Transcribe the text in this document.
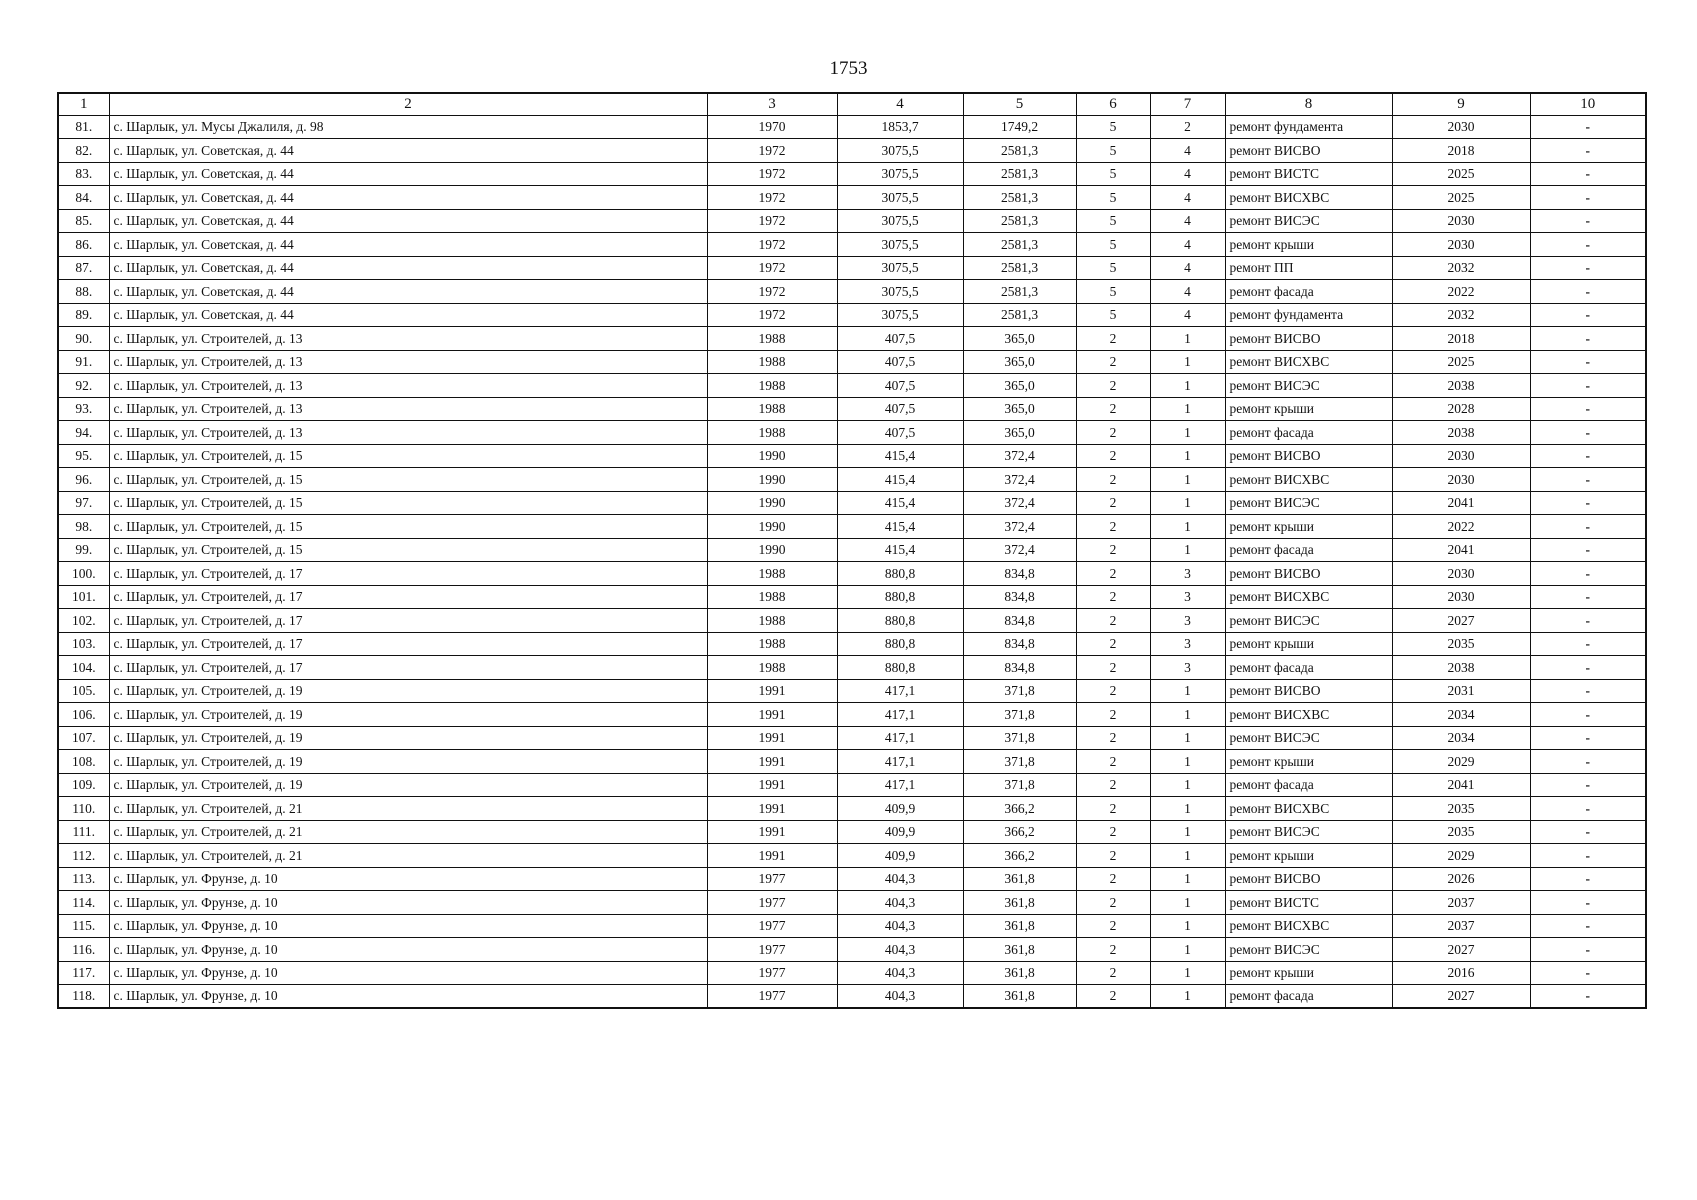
1753
1	2	3	4	5	6	7	8	9	10
81.	с. Шарлык, ул. Мусы Джалиля, д. 98	1970	1853,7	1749,2	5	2	ремонт фундамента	2030	-
82.	с. Шарлык, ул. Советская, д. 44	1972	3075,5	2581,3	5	4	ремонт ВИСВО	2018	-
83.	с. Шарлык, ул. Советская, д. 44	1972	3075,5	2581,3	5	4	ремонт ВИСТС	2025	-
84.	с. Шарлык, ул. Советская, д. 44	1972	3075,5	2581,3	5	4	ремонт ВИСХВС	2025	-
85.	с. Шарлык, ул. Советская, д. 44	1972	3075,5	2581,3	5	4	ремонт ВИСЭС	2030	-
86.	с. Шарлык, ул. Советская, д. 44	1972	3075,5	2581,3	5	4	ремонт крыши	2030	-
87.	с. Шарлык, ул. Советская, д. 44	1972	3075,5	2581,3	5	4	ремонт ПП	2032	-
88.	с. Шарлык, ул. Советская, д. 44	1972	3075,5	2581,3	5	4	ремонт фасада	2022	-
89.	с. Шарлык, ул. Советская, д. 44	1972	3075,5	2581,3	5	4	ремонт фундамента	2032	-
90.	с. Шарлык, ул. Строителей, д. 13	1988	407,5	365,0	2	1	ремонт ВИСВО	2018	-
91.	с. Шарлык, ул. Строителей, д. 13	1988	407,5	365,0	2	1	ремонт ВИСХВС	2025	-
92.	с. Шарлык, ул. Строителей, д. 13	1988	407,5	365,0	2	1	ремонт ВИСЭС	2038	-
93.	с. Шарлык, ул. Строителей, д. 13	1988	407,5	365,0	2	1	ремонт крыши	2028	-
94.	с. Шарлык, ул. Строителей, д. 13	1988	407,5	365,0	2	1	ремонт фасада	2038	-
95.	с. Шарлык, ул. Строителей, д. 15	1990	415,4	372,4	2	1	ремонт ВИСВО	2030	-
96.	с. Шарлык, ул. Строителей, д. 15	1990	415,4	372,4	2	1	ремонт ВИСХВС	2030	-
97.	с. Шарлык, ул. Строителей, д. 15	1990	415,4	372,4	2	1	ремонт ВИСЭС	2041	-
98.	с. Шарлык, ул. Строителей, д. 15	1990	415,4	372,4	2	1	ремонт крыши	2022	-
99.	с. Шарлык, ул. Строителей, д. 15	1990	415,4	372,4	2	1	ремонт фасада	2041	-
100.	с. Шарлык, ул. Строителей, д. 17	1988	880,8	834,8	2	3	ремонт ВИСВО	2030	-
101.	с. Шарлык, ул. Строителей, д. 17	1988	880,8	834,8	2	3	ремонт ВИСХВС	2030	-
102.	с. Шарлык, ул. Строителей, д. 17	1988	880,8	834,8	2	3	ремонт ВИСЭС	2027	-
103.	с. Шарлык, ул. Строителей, д. 17	1988	880,8	834,8	2	3	ремонт крыши	2035	-
104.	с. Шарлык, ул. Строителей, д. 17	1988	880,8	834,8	2	3	ремонт фасада	2038	-
105.	с. Шарлык, ул. Строителей, д. 19	1991	417,1	371,8	2	1	ремонт ВИСВО	2031	-
106.	с. Шарлык, ул. Строителей, д. 19	1991	417,1	371,8	2	1	ремонт ВИСХВС	2034	-
107.	с. Шарлык, ул. Строителей, д. 19	1991	417,1	371,8	2	1	ремонт ВИСЭС	2034	-
108.	с. Шарлык, ул. Строителей, д. 19	1991	417,1	371,8	2	1	ремонт крыши	2029	-
109.	с. Шарлык, ул. Строителей, д. 19	1991	417,1	371,8	2	1	ремонт фасада	2041	-
110.	с. Шарлык, ул. Строителей, д. 21	1991	409,9	366,2	2	1	ремонт ВИСХВС	2035	-
111.	с. Шарлык, ул. Строителей, д. 21	1991	409,9	366,2	2	1	ремонт ВИСЭС	2035	-
112.	с. Шарлык, ул. Строителей, д. 21	1991	409,9	366,2	2	1	ремонт крыши	2029	-
113.	с. Шарлык, ул. Фрунзе, д. 10	1977	404,3	361,8	2	1	ремонт ВИСВО	2026	-
114.	с. Шарлык, ул. Фрунзе, д. 10	1977	404,3	361,8	2	1	ремонт ВИСТС	2037	-
115.	с. Шарлык, ул. Фрунзе, д. 10	1977	404,3	361,8	2	1	ремонт ВИСХВС	2037	-
116.	с. Шарлык, ул. Фрунзе, д. 10	1977	404,3	361,8	2	1	ремонт ВИСЭС	2027	-
117.	с. Шарлык, ул. Фрунзе, д. 10	1977	404,3	361,8	2	1	ремонт крыши	2016	-
118.	с. Шарлык, ул. Фрунзе, д. 10	1977	404,3	361,8	2	1	ремонт фасада	2027	-
